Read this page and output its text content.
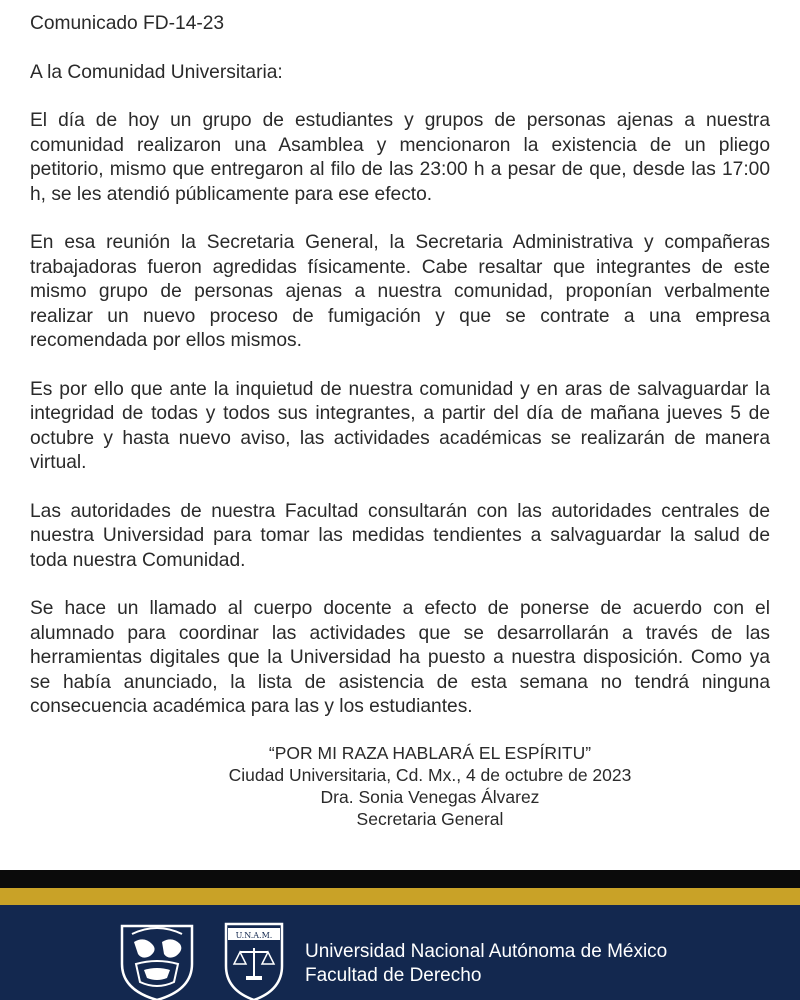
Comunicado FD-14-23
A la Comunidad Universitaria:
El día de hoy un grupo de estudiantes y grupos de personas ajenas a nuestra comunidad realizaron una Asamblea y mencionaron la existencia de un pliego petitorio, mismo que entregaron al filo de las 23:00 h a pesar de que, desde las 17:00 h, se les atendió públicamente para ese efecto.
En esa reunión la Secretaria General, la Secretaria Administrativa y compañeras trabajadoras fueron agredidas físicamente. Cabe resaltar que integrantes de este mismo grupo de personas ajenas a nuestra comunidad, proponían verbalmente realizar un nuevo proceso de fumigación y que se contrate a una empresa recomendada por ellos mismos.
Es por ello que ante la inquietud de nuestra comunidad y en aras de salvaguardar la integridad de todas y todos sus integrantes, a partir del día de mañana jueves 5 de octubre y hasta nuevo aviso, las actividades académicas se realizarán de manera virtual.
Las autoridades de nuestra Facultad consultarán con las autoridades centrales de nuestra Universidad para tomar las medidas tendientes a salvaguardar la salud de toda nuestra Comunidad.
Se hace un llamado al cuerpo docente a efecto de ponerse de acuerdo con el alumnado para coordinar las actividades que se desarrollarán a través de las herramientas digitales que la Universidad ha puesto a nuestra disposición. Como ya se había anunciado, la lista de asistencia de esta semana no tendrá ninguna consecuencia académica para las y los estudiantes.
“POR MI RAZA HABLARÁ EL ESPÍRITU”
Ciudad Universitaria, Cd. Mx., 4 de octubre de 2023
Dra. Sonia Venegas Álvarez
Secretaria General
U.N.A.M.
Universidad Nacional Autónoma de México
Facultad de Derecho
